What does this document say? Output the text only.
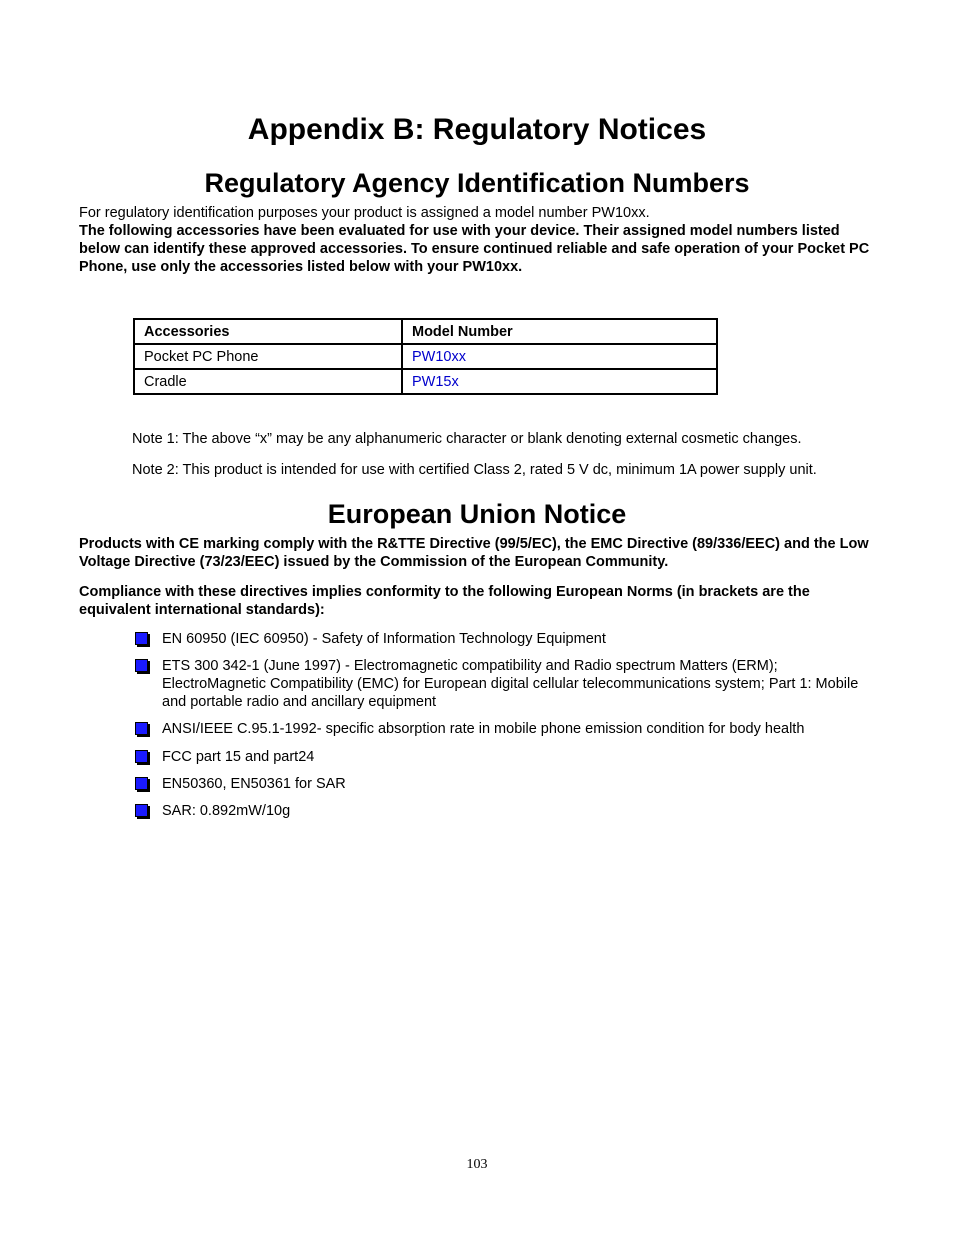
Appendix B: Regulatory Notices
Regulatory Agency Identification Numbers

For regulatory identification purposes your product is assigned a model number PW10xx.
The following accessories have been evaluated for use with your device. Their assigned model numbers listed below can identify these approved accessories. To ensure continued reliable and safe operation of your Pocket PC Phone, use only the accessories listed below with your PW10xx.

Accessories	Model Number
Pocket PC Phone	PW10xx
Cradle	PW15x

Note 1: The above “x” may be any alphanumeric character or blank denoting external cosmetic changes.

Note 2: This product is intended for use with certified Class 2, rated 5 V dc, minimum 1A power supply unit.

European Union Notice

Products with CE marking comply with the R&TTE Directive (99/5/EC), the EMC Directive (89/336/EEC) and the Low Voltage Directive (73/23/EEC) issued by the Commission of the European Community.

Compliance with these directives implies conformity to the following European Norms (in brackets are the equivalent international standards):

EN 60950 (IEC 60950) - Safety of Information Technology Equipment
ETS 300 342-1 (June 1997) - Electromagnetic compatibility and Radio spectrum Matters (ERM); ElectroMagnetic Compatibility (EMC) for European digital cellular telecommunications system; Part 1: Mobile and portable radio and ancillary equipment
ANSI/IEEE C.95.1-1992- specific absorption rate in mobile phone emission condition for body health
FCC part 15 and part24
EN50360, EN50361 for SAR
SAR: 0.892mW/10g
103
